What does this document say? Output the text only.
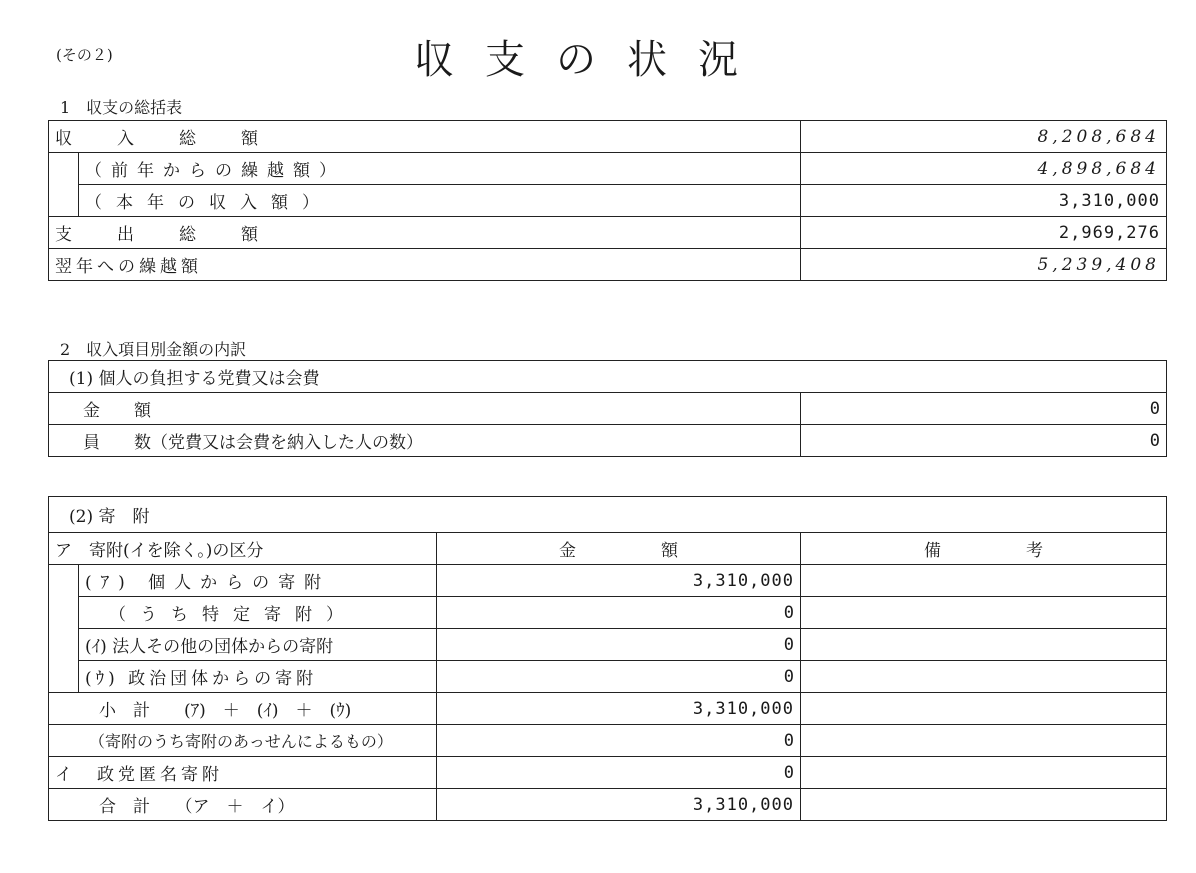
(その２)	収支の状況
1　収支の総括表
収　入　総　額		8,208,684
	（前年からの繰越額）	4,898,684
	（本年の収入額）	3,310,000
支　出　総　額		2,969,276
翌年への繰越額		5,239,408
2　収入項目別金額の内訳
(1) 個人の負担する党費又は会費	
金　　額	0
員　　数（党費又は会費を納入した人の数）	0
(2) 寄　附			
ア　寄附(イを除く。)の区分		金　　　　　額	備　　　　　考
	(ｱ) 個人からの寄附	3,310,000	
	（うち特定寄附）	0	
	(ｲ) 法人その他の団体からの寄附	0	
	(ｳ) 政治団体からの寄附	0	
小　計　　(ｱ)　＋　(ｲ)　＋　(ｳ)		3,310,000	
（寄附のうち寄附のあっせんによるもの）		0	
イ　政党匿名寄附		0	
合　計　　（ア　＋　イ）		3,310,000	
